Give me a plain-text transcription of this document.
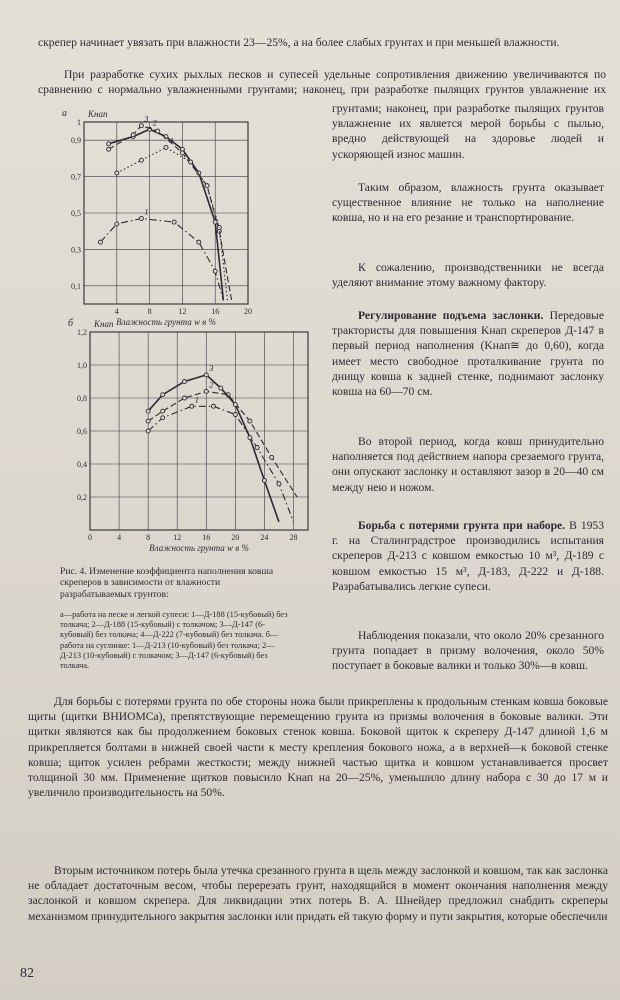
скрепер начинает увязать при влажности 23—25%, а на более слабых грунтах и при меньшей влажности.

При разработке сухих рыхлых песков и супесей удельные сопротивления движению увеличиваются по сравнению с нормально увлажненными грунтами; наконец, при разработке пылящих грунтов увлажнение их

грунтами; наконец, при разработке пылящих грунтов увлажнение их является мерой борьбы с пылью, вредно действующей на здоровье людей и ускоряющей износ машин.

Таким образом, влажность грунта оказывает существенное влияние не только на наполнение ковша, но и на его резание и транспортирование.

К сожалению, производственники не всегда уделяют внимание этому важному фактору.

Регулирование подъема заслонки. Передовые трактористы для повышения Kнап скреперов Д-147 в первый период наполнения (Kнап≅ до 0,60), когда имеет место свободное проталкивание грунта по днищу ковша к задней стенке, поднимают заслонку ковша на 60—70 см.

Во второй период, когда ковш принудительно наполняется под действием напора срезаемого грунта, они опускают заслонку и оставляют зазор в 20—40 см между нею и ножом.

Борьба с потерями грунта при наборе. В 1953 г. на Сталинградстрое производились испытания скреперов Д-213 с ковшом емкостью 10 м³, Д-189 с ковшом емкостью 15 м³, Д-183, Д-222 и Д-188. Разрабатывались легкие супеси.

Наблюдения показали, что около 20% срезанного грунта попадает в призму волочения, около 50% поступает в боковые валики и только 30%—в ковш.

4	8	12	16	20
0,1
0,3
0,5
0,7
0,9
1
а Kнап
Влажность грунта w в %
1
2
3
4
0	4	8	12	16	20	24	28
0,2
0,4
0,6
0,8
1,0
1,2
б Kнап
Влажность грунта w в %
1
2
3

Рис. 4. Изменение коэффициента наполнения ковша скреперов в зависимости от влажности разрабатываемых грунтов:

а—работа на песке и легкой супеси: 1—Д-188 (15-кубовый) без толкача; 2—Д-188 (15-кубовый) с толкачом; 3—Д-147 (6-кубовый) без толкача; 4—Д-222 (7-кубовый) без толкача. б—работа на суглинке: 1—Д-213 (10-кубовый) без толкача; 2—Д-213 (10-кубовый) с толкачом; 3—Д-147 (6-кубовый) без толкача.

Для борьбы с потерями грунта по обе стороны ножа были прикреплены к продольным стенкам ковша боковые щиты (щитки ВНИОМСа), препятствующие перемещению грунта из призмы волочения в боковые валики. Эти щитки являются как бы продолжением боковых стенок ковша. Боковой щиток к скреперу Д-147 длиной 1,6 м прикрепляется болтами в нижней своей части к месту крепления бокового ножа, а в верхней—к боковой стенке ковша; щиток усилен ребрами жесткости; между нижней частью щитка и ковшом устанавливается просвет толщиной 30 мм. Применение щитков повысило Kнап на 20—25%, уменьшило длину набора с 30 до 17 м и увеличило производительность на 50%.

Вторым источником потерь была утечка срезанного грунта в щель между заслонкой и ковшом, так как заслонка не обладает достаточным весом, чтобы перерезать грунт, находящийся в момент окончания наполнения между заслонкой и ковшом скрепера. Для ликвидации этих потерь В. А. Шнейдер предложил снабдить скреперы механизмом принудительного закрытия заслонки или придать ей такую форму и пути закрытия, которые обеспечили

82
